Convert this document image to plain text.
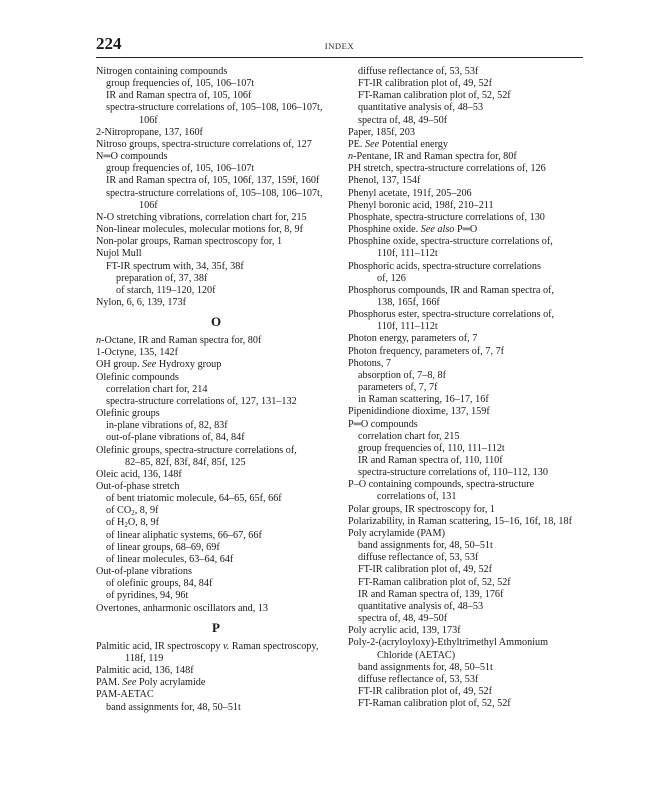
224	INDEX
Nitrogen containing compounds
group frequencies of, 105, 106–107t
IR and Raman spectra of, 105, 106f
spectra-structure correlations of, 105–108, 106–107t,
106f
2-Nitropropane, 137, 160f
Nitroso groups, spectra-structure correlations of, 127
N═O compounds
group frequencies of, 105, 106–107t
IR and Raman spectra of, 105, 106f, 137, 159f, 160f
spectra-structure correlations of, 105–108, 106–107t,
106f
N-O stretching vibrations, correlation chart for, 215
Non-linear molecules, molecular motions for, 8, 9f
Non-polar groups, Raman spectroscopy for, 1
Nujol Mull
FT-IR spectrum with, 34, 35f, 38f
preparation of, 37, 38f
of starch, 119–120, 120f
Nylon, 6, 6, 139, 173f
O
n-Octane, IR and Raman spectra for, 80f
1-Octyne, 135, 142f
OH group. See Hydroxy group
Olefinic compounds
correlation chart for, 214
spectra-structure correlations of, 127, 131–132
Olefinic groups
in-plane vibrations of, 82, 83f
out-of-plane vibrations of, 84, 84f
Olefinic groups, spectra-structure correlations of,
82–85, 82f, 83f, 84f, 85f, 125
Oleic acid, 136, 148f
Out-of-phase stretch
of bent triatomic molecule, 64–65, 65f, 66f
of $CO_2$, 8, 9f
of $H_2O$, 8, 9f
of linear aliphatic systems, 66–67, 66f
of linear groups, 68–69, 69f
of linear molecules, 63–64, 64f
Out-of-plane vibrations
of olefinic groups, 84, 84f
of pyridines, 94, 96t
Overtones, anharmonic oscillators and, 13
P
Palmitic acid, IR spectroscopy v. Raman spectroscopy,
118f, 119
Palmitic acid, 136, 148f
PAM. See Poly acrylamide
PAM-AETAC
band assignments for, 48, 50–51t
diffuse reflectance of, 53, 53f
FT-IR calibration plot of, 49, 52f
FT-Raman calibration plot of, 52, 52f
quantitative analysis of, 48–53
spectra of, 48, 49–50f
Paper, 185f, 203
PE. See Potential energy
n-Pentane, IR and Raman spectra for, 80f
PH stretch, spectra-structure correlations of, 126
Phenol, 137, 154f
Phenyl acetate, 191f, 205–206
Phenyl boronic acid, 198f, 210–211
Phosphate, spectra-structure correlations of, 130
Phosphine oxide. See also P═O
Phosphine oxide, spectra-structure correlations of,
110f, 111–112t
Phosphoric acids, spectra-structure correlations
of, 126
Phosphorus compounds, IR and Raman spectra of,
138, 165f, 166f
Phosphorus ester, spectra-structure correlations of,
110f, 111–112t
Photon energy, parameters of, 7
Photon frequency, parameters of, 7, 7f
Photons, 7
absorption of, 7–8, 8f
parameters of, 7, 7f
in Raman scattering, 16–17, 16f
Pipenidindione dioxime, 137, 159f
P═O compounds
correlation chart for, 215
group frequencies of, 110, 111–112t
IR and Raman spectra of, 110, 110f
spectra-structure correlations of, 110–112, 130
P–O containing compounds, spectra-structure
correlations of, 131
Polar groups, IR spectroscopy for, 1
Polarizability, in Raman scattering, 15–16, 16f, 18, 18f
Poly acrylamide (PAM)
band assignments for, 48, 50–51t
diffuse reflectance of, 53, 53f
FT-IR calibration plot of, 49, 52f
FT-Raman calibration plot of, 52, 52f
IR and Raman spectra of, 139, 176f
quantitative analysis of, 48–53
spectra of, 48, 49–50f
Poly acrylic acid, 139, 173f
Poly-2-(acryloyloxy)-Ethyltrimethyl Ammonium
Chloride (AETAC)
band assignments for, 48, 50–51t
diffuse reflectance of, 53, 53f
FT-IR calibration plot of, 49, 52f
FT-Raman calibration plot of, 52, 52f
